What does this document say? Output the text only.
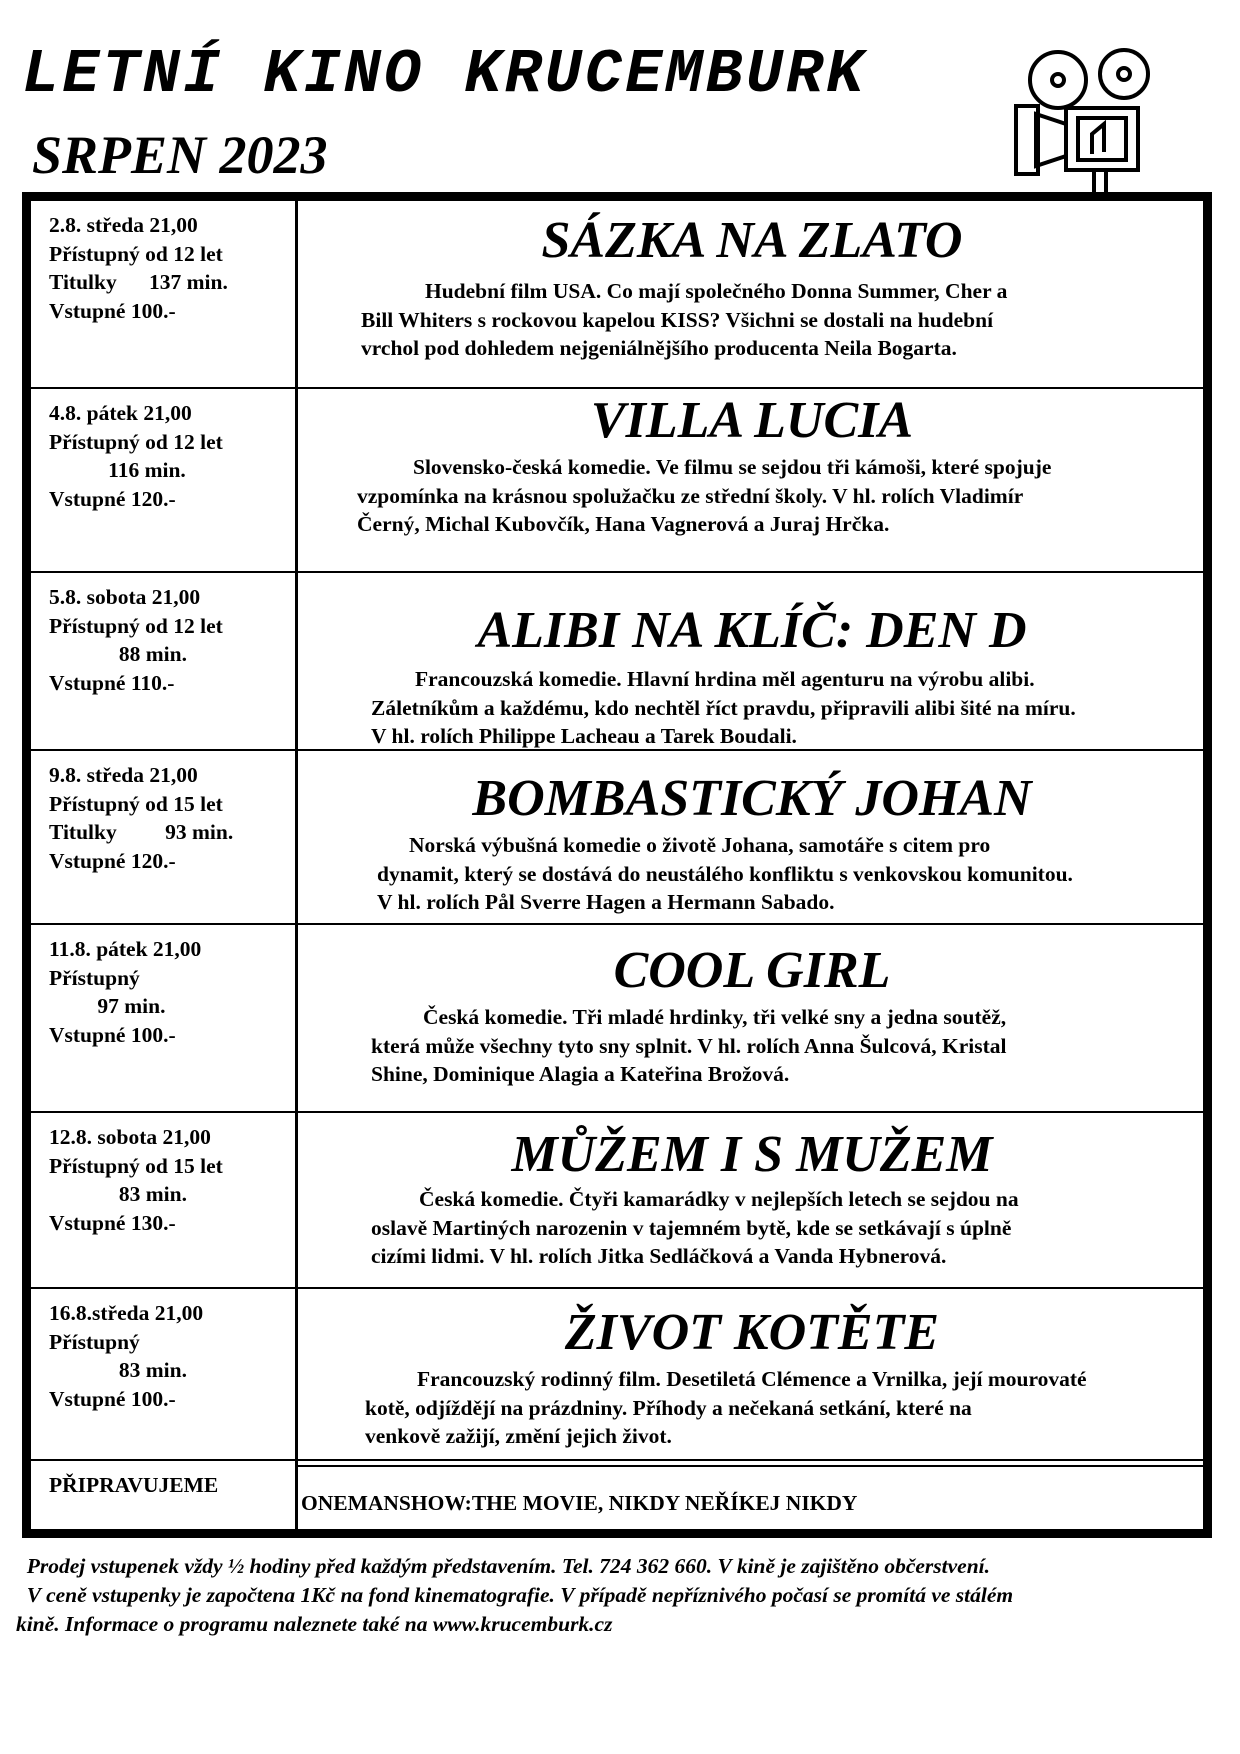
LETNÍ KINO KRUCEMBURK
SRPEN 2023
2.8. středa 21,00
Přístupný od 12 let
Titulky      137 min.
Vstupné 100.-
SÁZKA NA ZLATO
Hudební film USA. Co mají společného Donna Summer, Cher a
Bill Whiters s rockovou kapelou KISS? Všichni se dostali na hudební
vrchol pod dohledem nejgeniálnějšího producenta Neila Bogarta.
4.8. pátek 21,00
Přístupný od 12 let
116 min.
Vstupné 120.-
VILLA LUCIA
Slovensko-česká komedie. Ve filmu se sejdou tři kámoši, které spojuje
vzpomínka na krásnou spolužačku ze střední školy. V hl. rolích Vladimír
Černý, Michal Kubovčík, Hana Vagnerová a Juraj Hrčka.
5.8. sobota 21,00
Přístupný od 12 let
88 min.
Vstupné 110.-
ALIBI NA KLÍČ: DEN D
Francouzská komedie. Hlavní hrdina měl agenturu na výrobu alibi.
Záletníkům a každému, kdo nechtěl říct pravdu, připravili alibi šité na míru.
V hl. rolích Philippe Lacheau a Tarek Boudali.
9.8. středa 21,00
Přístupný od 15 let
Titulky         93 min.
Vstupné 120.-
BOMBASTICKÝ JOHAN
Norská výbušná komedie o životě Johana, samotáře s citem pro
dynamit, který se dostává do neustálého konfliktu s venkovskou komunitou.
V hl. rolích Pål Sverre Hagen a Hermann Sabado.
11.8. pátek 21,00
Přístupný
97 min.
Vstupné 100.-
COOL GIRL
Česká komedie. Tři mladé hrdinky, tři velké sny a jedna soutěž,
která může všechny tyto sny splnit. V hl. rolích Anna Šulcová, Kristal
Shine, Dominique Alagia a Kateřina Brožová.
12.8. sobota 21,00
Přístupný od 15 let
83 min.
Vstupné 130.-
MŮŽEM I S MUŽEM
Česká komedie. Čtyři kamarádky v nejlepších letech se sejdou na
oslavě Martiných narozenin v tajemném bytě, kde se setkávají s úplně
cizími lidmi. V hl. rolích Jitka Sedláčková a Vanda Hybnerová.
16.8.středa 21,00
Přístupný
83 min.
Vstupné 100.-
ŽIVOT KOTĚTE
Francouzský rodinný film. Desetiletá Clémence a Vrnilka, její mourovaté
kotě, odjíždějí na prázdniny. Příhody a nečekaná setkání, které na
venkově zažijí, změní jejich život.
PŘIPRAVUJEME
ONEMANSHOW:THE MOVIE, NIKDY NEŘÍKEJ NIKDY
Prodej vstupenek vždy ½ hodiny před každým představením. Tel. 724 362 660. V kině je zajištěno občerstvení.
V ceně vstupenky je započtena 1Kč na fond kinematografie. V případě nepříznivého počasí se promítá ve stálém
kině. Informace o programu naleznete také na www.krucemburk.cz
